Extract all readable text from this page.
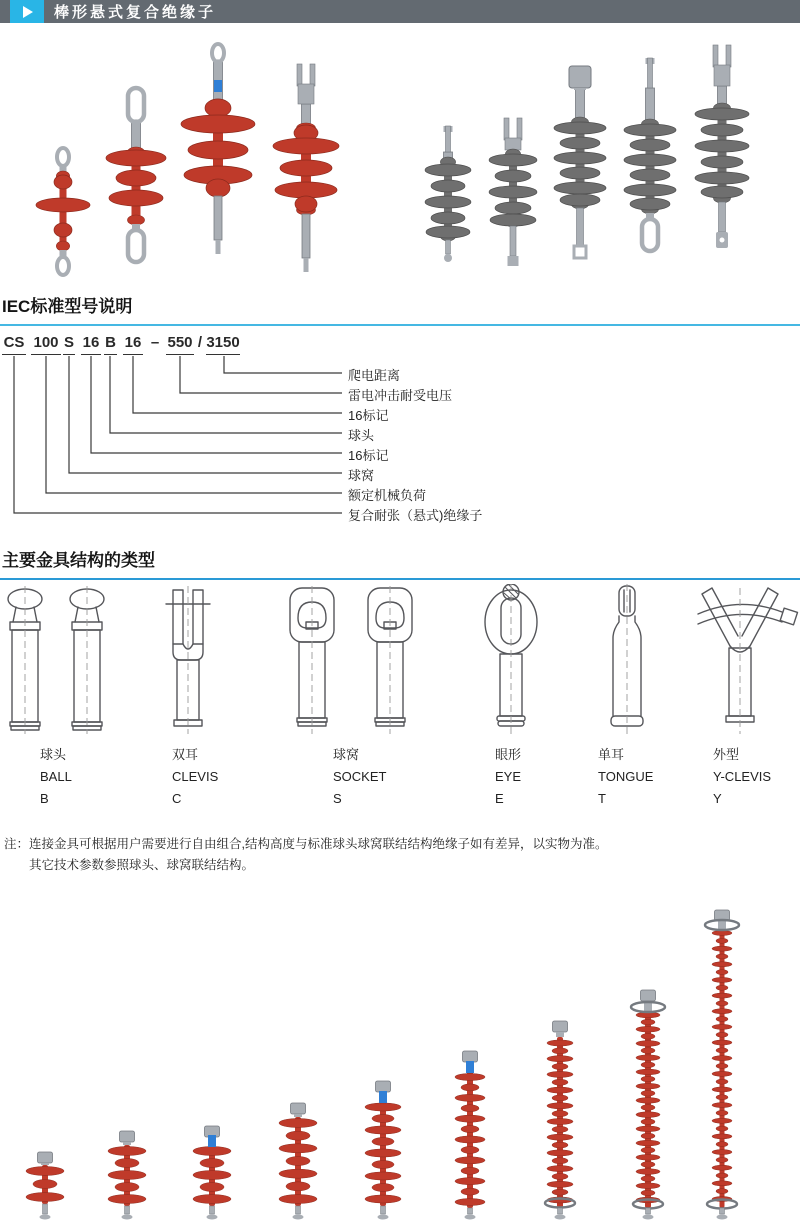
棒形悬式复合绝缘子
IEC标准型号说明
CS 100 S 16 B 16 – 550 / 3150
爬电距离
雷电冲击耐受电压
16标记
球头
16标记
球窝
额定机械负荷
复合耐张（悬式)绝缘子
主要金具结构的类型
球头
BALL
B
双耳
CLEVIS
C
球窝
SOCKET
S
眼形
EYE
E
单耳
TONGUE
T
外型
Y-CLEVIS
Y
注： 连接金具可根据用户需要进行自由组合,结构高度与标准球头球窝联结结构绝缘子如有差异，以实物为准。
其它技术参数参照球头、球窝联结结构。
